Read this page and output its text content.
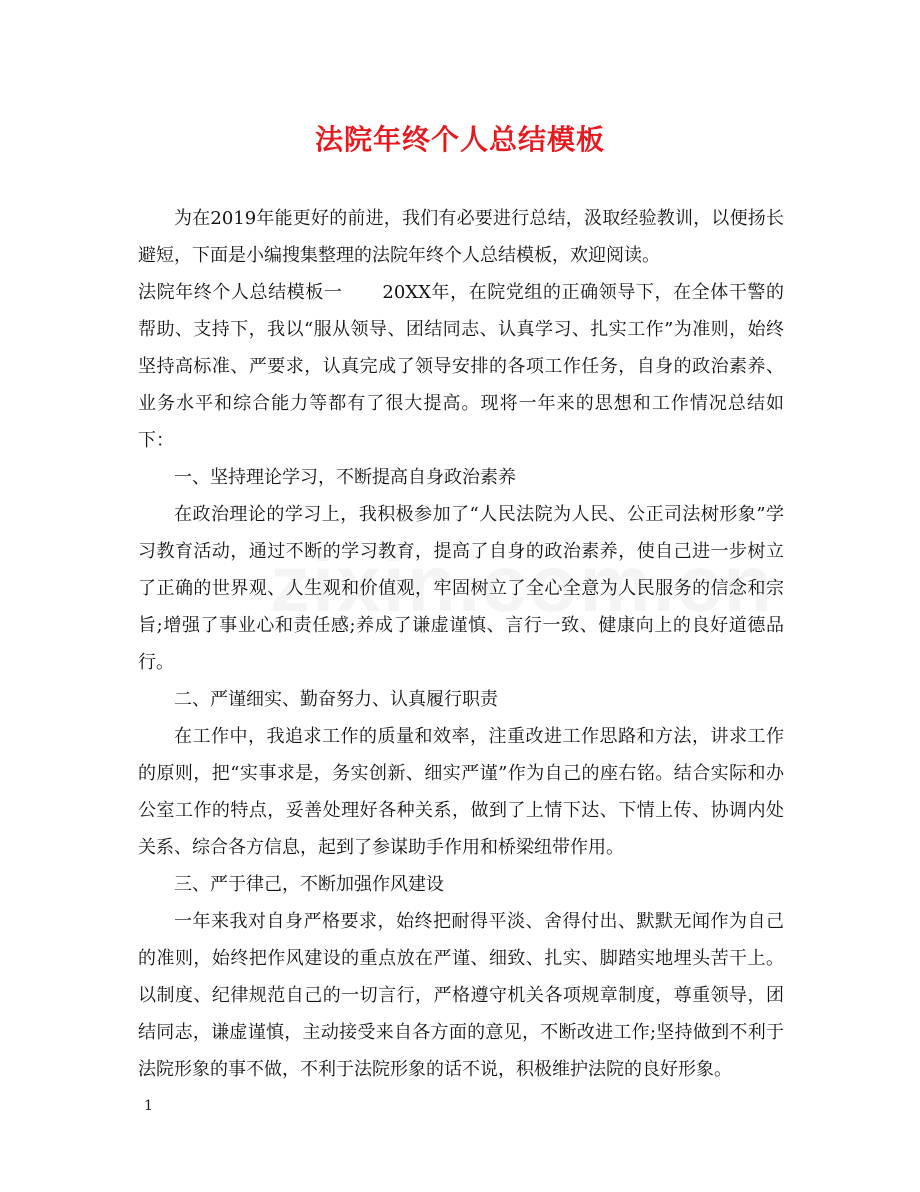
法院年终个人总结模板

为在2019年能更好的前进，我们有必要进行总结，汲取经验教训，以便扬长避短，下面是小编搜集整理的法院年终个人总结模板，欢迎阅读。

法院年终个人总结模板一 20XX年，在院党组的正确领导下，在全体干警的帮助、支持下，我以“服从领导、团结同志、认真学习、扎实工作”为准则，始终坚持高标准、严要求，认真完成了领导安排的各项工作任务，自身的政治素养、业务水平和综合能力等都有了很大提高。现将一年来的思想和工作情况总结如下：

一、坚持理论学习，不断提高自身政治素养

在政治理论的学习上，我积极参加了“人民法院为人民、公正司法树形象”学习教育活动，通过不断的学习教育，提高了自身的政治素养，使自己进一步树立了正确的世界观、人生观和价值观，牢固树立了全心全意为人民服务的信念和宗旨;增强了事业心和责任感;养成了谦虚谨慎、言行一致、健康向上的良好道德品行。

二、严谨细实、勤奋努力、认真履行职责

在工作中，我追求工作的质量和效率，注重改进工作思路和方法，讲求工作的原则，把“实事求是，务实创新、细实严谨”作为自己的座右铭。结合实际和办公室工作的特点，妥善处理好各种关系，做到了上情下达、下情上传、协调内处关系、综合各方信息，起到了参谋助手作用和桥梁纽带作用。

三、严于律己，不断加强作风建设

一年来我对自身严格要求，始终把耐得平淡、舍得付出、默默无闻作为自己的准则，始终把作风建设的重点放在严谨、细致、扎实、脚踏实地埋头苦干上。以制度、纪律规范自己的一切言行，严格遵守机关各项规章制度，尊重领导，团结同志，谦虚谨慎，主动接受来自各方面的意见，不断改进工作;坚持做到不利于法院形象的事不做，不利于法院形象的话不说，积极维护法院的良好形象。

1
